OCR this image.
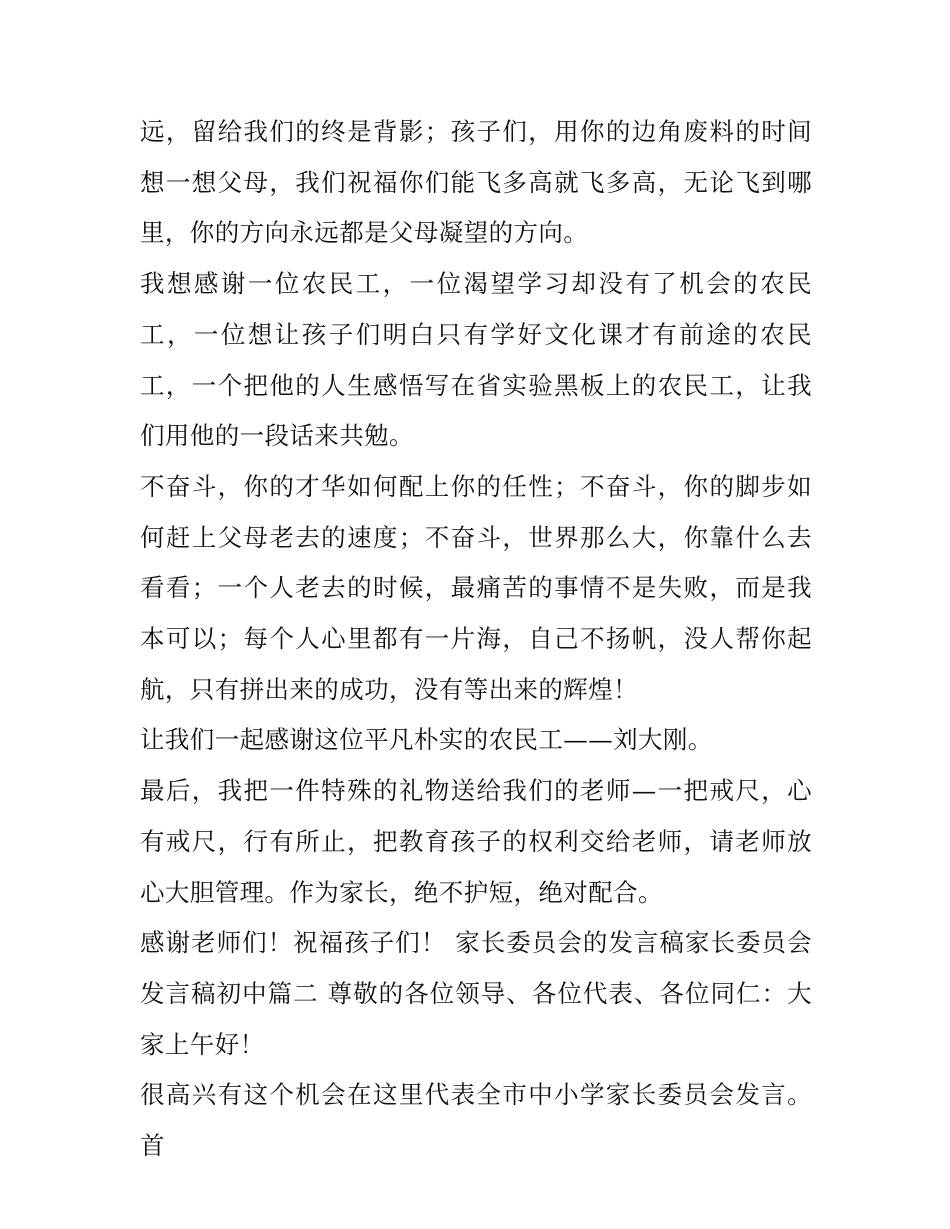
远，留给我们的终是背影；孩子们，用你的边角废料的时间想一想父母，我们祝福你们能飞多高就飞多高，无论飞到哪里，你的方向永远都是父母凝望的方向。

我想感谢一位农民工，一位渴望学习却没有了机会的农民工，一位想让孩子们明白只有学好文化课才有前途的农民工，一个把他的人生感悟写在省实验黑板上的农民工，让我们用他的一段话来共勉。

不奋斗，你的才华如何配上你的任性；不奋斗，你的脚步如何赶上父母老去的速度；不奋斗，世界那么大，你靠什么去看看；一个人老去的时候，最痛苦的事情不是失败，而是我本可以；每个人心里都有一片海，自己不扬帆，没人帮你起航，只有拼出来的成功，没有等出来的辉煌！

让我们一起感谢这位平凡朴实的农民工——刘大刚。

最后，我把一件特殊的礼物送给我们的老师—一把戒尺，心有戒尺，行有所止，把教育孩子的权利交给老师，请老师放心大胆管理。作为家长，绝不护短，绝对配合。

感谢老师们！祝福孩子们！ 家长委员会的发言稿家长委员会发言稿初中篇二 尊敬的各位领导、各位代表、各位同仁：大家上午好！

很高兴有这个机会在这里代表全市中小学家长委员会发言。首
